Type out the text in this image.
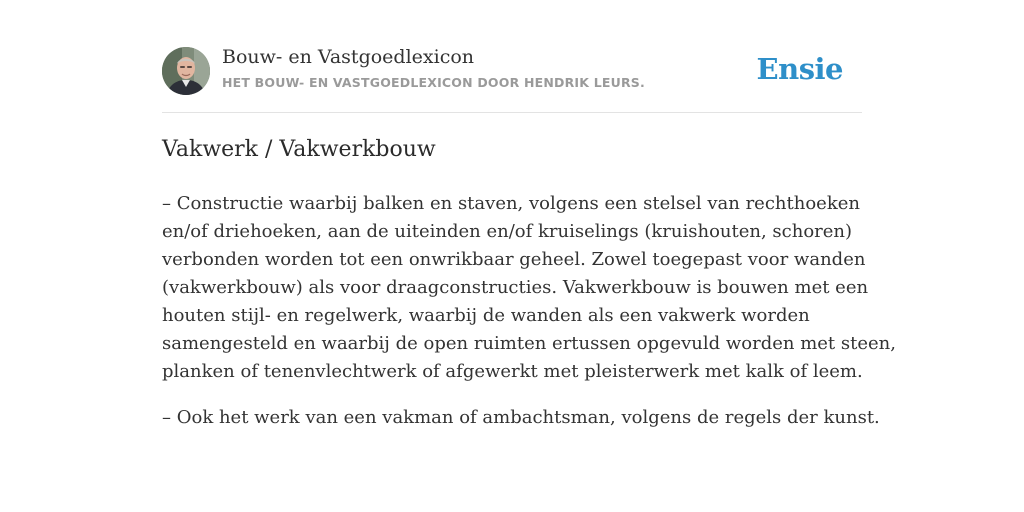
Bouw- en Vastgoedlexicon
HET BOUW- EN VASTGOEDLEXICON DOOR HENDRIK LEURS.	Ensie
Vakwerk / Vakwerkbouw

– Constructie waarbij balken en staven, volgens een stelsel van rechthoeken
en/of driehoeken, aan de uiteinden en/of kruiselings (kruishouten, schoren)
verbonden worden tot een onwrikbaar geheel. Zowel toegepast voor wanden
(vakwerkbouw) als voor draagconstructies. Vakwerkbouw is bouwen met een
houten stijl- en regelwerk, waarbij de wanden als een vakwerk worden
samengesteld en waarbij de open ruimten ertussen opgevuld worden met steen,
planken of tenenvlechtwerk of afgewerkt met pleisterwerk met kalk of leem.

– Ook het werk van een vakman of ambachtsman, volgens de regels der kunst.
